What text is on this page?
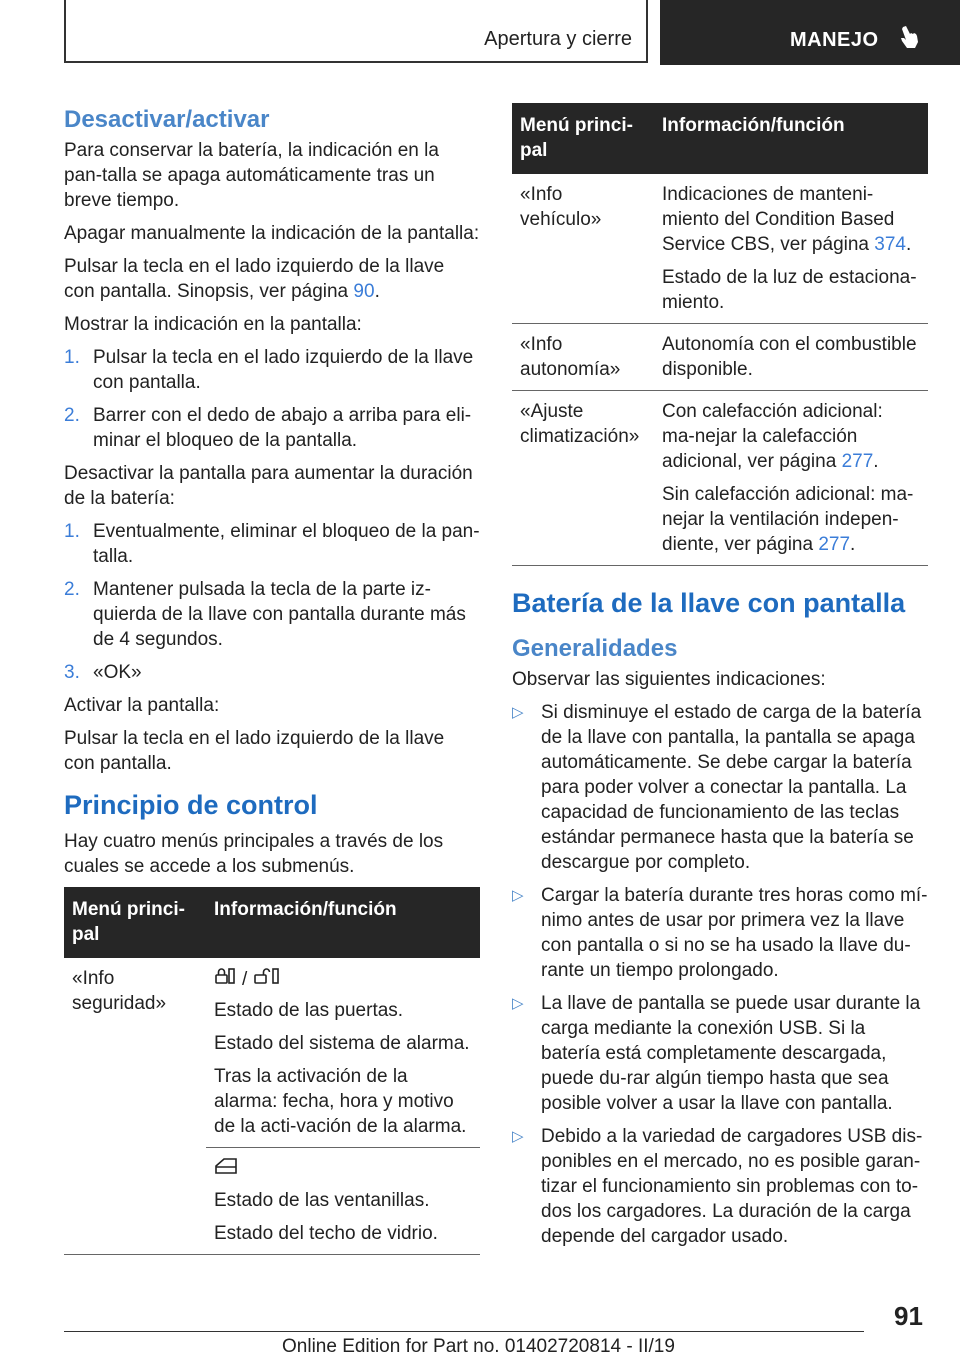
Apertura y cierre	MANEJO
Desactivar/activar

Para conservar la batería, la indicación en la pan-talla se apaga automáticamente tras un breve tiempo.

Apagar manualmente la indicación de la pantalla:

Pulsar la tecla en el lado izquierdo de la llave con pantalla. Sinopsis, ver página 90.

Mostrar la indicación en la pantalla:

1. Pulsar la tecla en el lado izquierdo de la llave con pantalla.
2. Barrer con el dedo de abajo a arriba para eli-minar el bloqueo de la pantalla.

Desactivar la pantalla para aumentar la duración de la batería:

1. Eventualmente, eliminar el bloqueo de la pan-talla.
2. Mantener pulsada la tecla de la parte iz-quierda de la llave con pantalla durante más de 4 segundos.
3. «OK»

Activar la pantalla:

Pulsar la tecla en el lado izquierdo de la llave con pantalla.

Principio de control

Hay cuatro menús principales a través de los cuales se accede a los submenús.

Menú princi-pal	Información/función
«Info seguridad»	/

Estado de las puertas.

Estado del sistema de alarma.

Tras la activación de la alarma: fecha, hora y motivo de la acti-vación de la alarma.

	Estado de las ventanillas.

Estado del techo de vidrio.

Menú princi-pal	Información/función
«Info vehículo»	Indicaciones de manteni-miento del Condition Based Service CBS, ver página 374.

Estado de la luz de estaciona-miento.

«Info autonomía»	Autonomía con el combustible disponible.

«Ajuste climatización»	Con calefacción adicional: ma-nejar la calefacción adicional, ver página 277.

Sin calefacción adicional: ma-nejar la ventilación indepen-diente, ver página 277.

Batería de la llave con pantalla
Generalidades

Observar las siguientes indicaciones:

▷ Si disminuye el estado de carga de la batería de la llave con pantalla, la pantalla se apaga automáticamente. Se debe cargar la batería para poder volver a conectar la pantalla. La capacidad de funcionamiento de las teclas estándar permanece hasta que la batería se descargue por completo.
▷ Cargar la batería durante tres horas como mí-nimo antes de usar por primera vez la llave con pantalla o si no se ha usado la llave du-rante un tiempo prolongado.
▷ La llave de pantalla se puede usar durante la carga mediante la conexión USB. Si la batería está completamente descargada, puede du-rar algún tiempo hasta que sea posible volver a usar la llave con pantalla.
▷ Debido a la variedad de cargadores USB dis-ponibles en el mercado, no es posible garan-tizar el funcionamiento sin problemas con to-dos los cargadores. La duración de la carga depende del cargador usado.
91
Online Edition for Part no. 01402720814 - II/19
